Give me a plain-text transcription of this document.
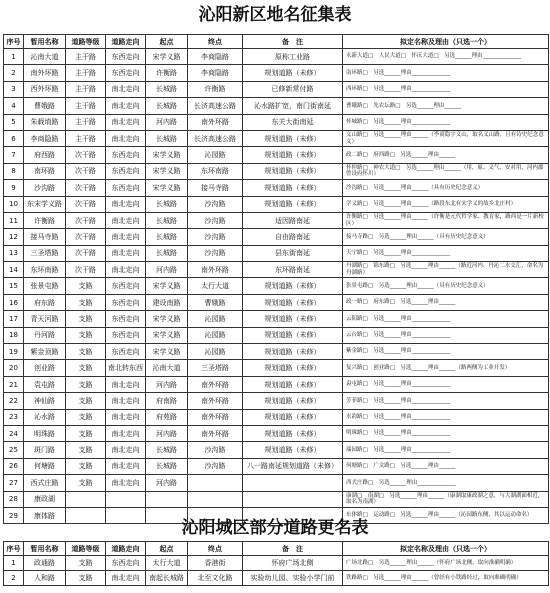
沁阳新区地名征集表
序号	暂用名称	道路等级	道路走向	起点	终点	备　注	拟定名称及理由（只选一个）
1	沁南大道	主干路	东西走向	宋学义路	李商隐路	原称工业路	永新大道□　人民大道□　怀庆大道□　另选______理由______________
2	南外环路	主干路	东西走向	许衡路	李商隐路	规划道路（未修）	南环路□　另选______理由______________
3	西外环路	主干路	南北走向	长城路	许衡路	已修新常付路	西环路□　另选______理由______________
4	曹娥路	主干路	南北走向	长城路	长济高速公路	沁水路扩宽，南门街南延	曹娥路□　先农坛路□　另选______理由______
5	朱载堉路	主干路	南北走向	河内路	南外环路	东关大街南延	怀城路□　另选______理由______________
6	李商隐路	主干路	南北走向	长城路	长济高速公路	规划道路（未修）	义山路□　另选______理由______（李商隐字义山，取名义山路，且有诗史纪念意义）
7	府西路	次干路	东西走向	宋学义路	沁园路	规划道路（未修）	政二路□　府西路□　另选______理由______
8	南环路	次干路	东西走向	宋学义路	东环南路	规划道路（未修）	怀仲路□　神农大道□　另选______理由______（用，原、义气、安对用，河内郡曾设府怀川）
9	沙沟路	次干路	东西走向	宋学义路	接马寺路	规划道路（未修）	沙沟路□　另选______理由______（具有历史纪念意义）
10	东宋学义路	次干路	南北走向	长城路	沙沟路	规划道路（未修）	学义路□　另选______理由______（路段东北有宋学义的故乡北庄村）
11	许衡路	次干路	南北走向	长城路	沙沟路	适因路南延	许衡路□　另选______理由______（许衡是元代哲学家、教育家，路西是一片新校区）
12	接马寺路	次干路	南北走向	长城路	沙沟路	自由路南延	接马寺路□　另选______理由______（具有历史纪念意义）
13	三圣塔路	次干路	南北走向	长城路	沙沟路	县东街南延	天宁路□　另选______理由______________
14	东环南路	次干路	南北走向	河内路	南外环路	东环路南延	丹湖路□　锦东路□　另选______理由______（路近河内、丹沁二水交汇，命名为丹湖路）
15	张景屯路	支路	东西走向	宋学义路	太行大道	规划道路（未修）	张景屯路□　另选______理由______（具有历史纪念意义）
16	府东路	支路	东西走向	建设南路	曹娥路	规划道路（未修）	政一路□　府东路□　另选______理由______
17	青天河路	支路	东西走向	宋学义路	沁园路	规划道路（未修）	云阳路□　另选______理由______________
18	丹河路	支路	东西走向	宋学义路	沁园路	规划道路（未修）	云台路□　另选______理由______________
19	紫金顶路	支路	东西走向	宋学义路	沁园路	规划道路（未修）	紫金路□　另选______理由______________
20	创业路	支路	南北转东西	沁南大道	三圣塔路	规划道路（未修）	复兴路□　创业路□　另选______理由______（路两侧为工业开发）
21	袁屯路	支路	南北走向	河内路	南外环路	规划道路（未修）	袁屯路□　另选______理由______________
22	神仙路	支路	南北走向	府南路	南外环路	规划道路（未修）	芳菲路□　另选______理由______________
23	沁水路	支路	南北走向	府苑路	南外环路	规划道路（未修）	水韵路□　另选______理由______________
24	明珠路	支路	南北走向	河内路	南外环路	规划道路（未修）	明珠路□　另选______理由______________
25	斑门路	支路	南北走向	长城路	沙沟路	规划道路（未修）	瑞园路□　另选______理由______________
26	何塘路	支路	南北走向	长城路	沙沟路	八一路南延规划道路（未修）	何塘路□　广文路□　另选______理由______
27	西式庄路	支路	南北走向	河内路			西式庄路□　另选______理由______________
28	康政湖						康湖□　南湖□　另选______理由______（康湖取康政湖之意，与大湖湖面相近，取名为南湖）
29	康体路						东体路□　运动路□　另选______理由______（沁园路东侧，其以运动命名）
沁阳城区部分道路更名表
序号	暂用名称	道路等级	道路走向	起点	终点	备　注	拟定名称及理由（只选一个）
1	政通路	支路	东西走向	太行大道	香港街	怀府广场北侧	广场北路□　另选______理由______（怀府广场北侧，取向准确明确）
2	人和路	支路	南北走向	南起长城路	北至文化路	实验幼儿园、实验小学门前	铁路路□　另选______理由______（曾经有小铁路经过，取向准确明确）
